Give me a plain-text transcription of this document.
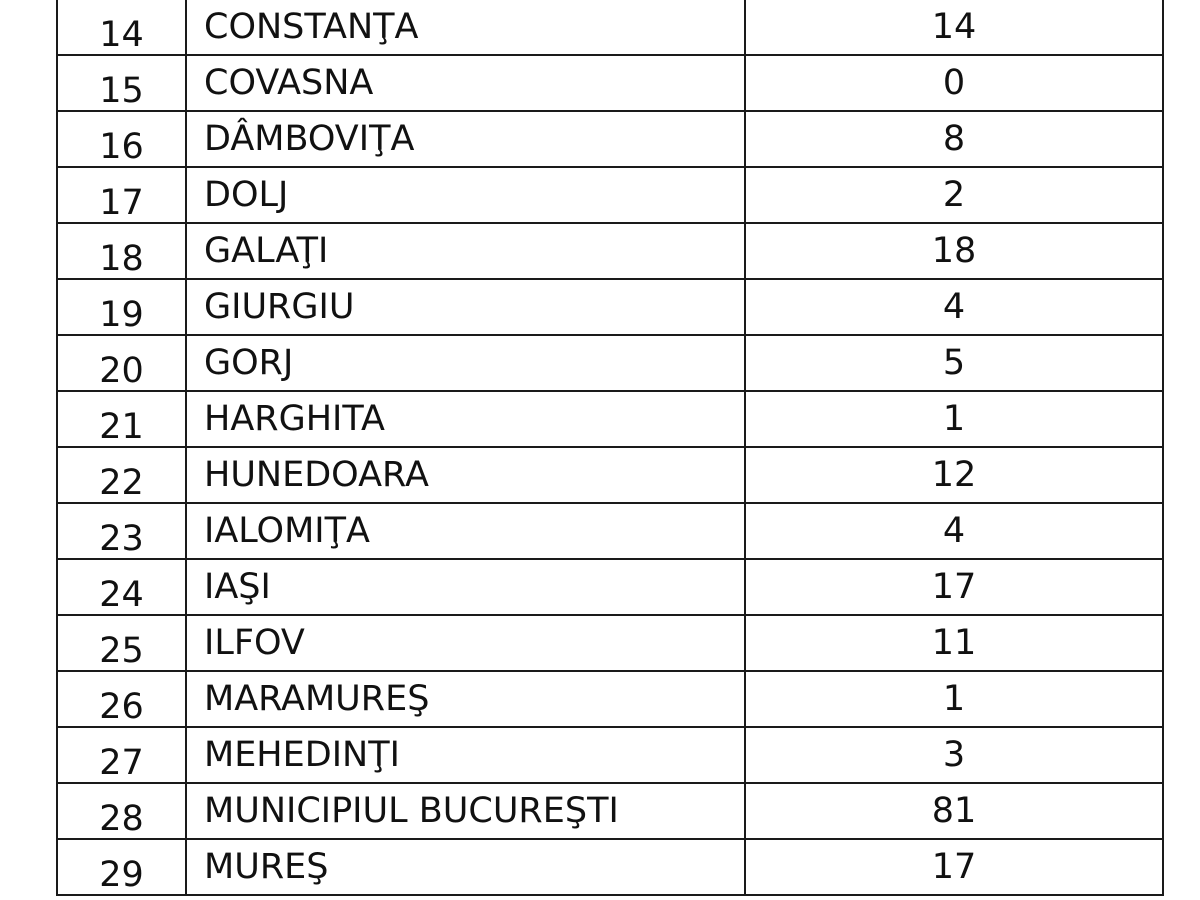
14	CONSTANŢA	14
15	COVASNA	0
16	DÂMBOVIŢA	8
17	DOLJ	2
18	GALAŢI	18
19	GIURGIU	4
20	GORJ	5
21	HARGHITA	1
22	HUNEDOARA	12
23	IALOMIŢA	4
24	IAŞI	17
25	ILFOV	11
26	MARAMUREŞ	1
27	MEHEDINŢI	3
28	MUNICIPIUL BUCUREŞTI	81
29	MUREŞ	17
